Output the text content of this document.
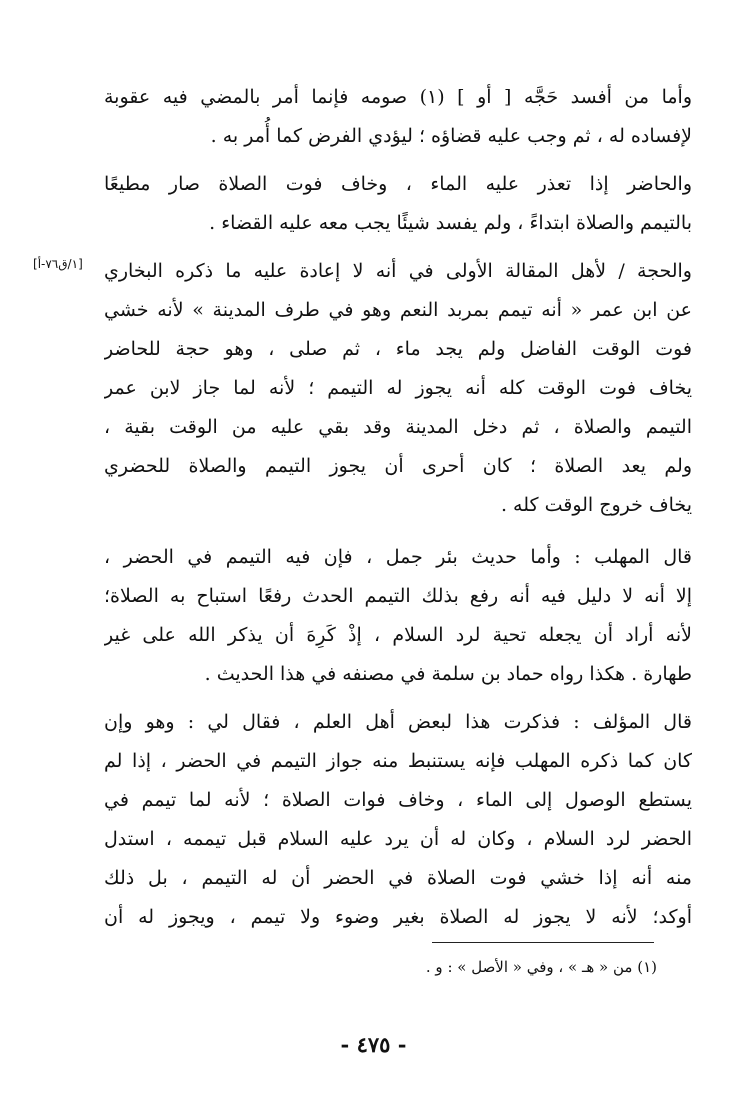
وأما من أفسد حَجَّه [ أو ] (١) صومه فإنما أمر بالمضي فيه عقوبة
لإفساده له ، ثم وجب عليه قضاؤه ؛ ليؤدي الفرض كما أُمر به .
والحاضر إذا تعذر عليه الماء ، وخاف فوت الصلاة صار مطيعًا
بالتيمم والصلاة ابتداءً ، ولم يفسد شيئًا يجب معه عليه القضاء .
والحجة / لأهل المقالة الأولى في أنه لا إعادة عليه ما ذكره البخاري
عن ابن عمر « أنه تيمم بمربد النعم وهو في طرف المدينة » لأنه خشي
فوت الوقت الفاضل ولم يجد ماء ، ثم صلى ، وهو حجة للحاضر
يخاف فوت الوقت كله أنه يجوز له التيمم ؛ لأنه لما جاز لابن عمر
التيمم والصلاة ، ثم دخل المدينة وقد بقي عليه من الوقت بقية ،
ولم يعد الصلاة ؛ كان أحرى أن يجوز التيمم والصلاة للحضري
يخاف خروج الوقت كله .
قال المهلب : وأما حديث بئر جمل ، فإن فيه التيمم في الحضر ،
إلا أنه لا دليل فيه أنه رفع بذلك التيمم الحدث رفعًا استباح به الصلاة؛
لأنه أراد أن يجعله تحية لرد السلام ، إذْ كَرِهَ أن يذكر الله على غير
طهارة . هكذا رواه حماد بن سلمة في مصنفه في هذا الحديث .
قال المؤلف : فذكرت هذا لبعض أهل العلم ، فقال لي : وهو وإن
كان كما ذكره المهلب فإنه يستنبط منه جواز التيمم في الحضر ، إذا لم
يستطع الوصول إلى الماء ، وخاف فوات الصلاة ؛ لأنه لما تيمم في
الحضر لرد السلام ، وكان له أن يرد عليه السلام قبل تيممه ، استدل
منه أنه إذا خشي فوت الصلاة في الحضر أن له التيمم ، بل ذلك
أوكد؛ لأنه لا يجوز له الصلاة بغير وضوء ولا تيمم ، ويجوز له أن
[١/ق٧٦-أ]
(١) من « هـ » ، وفي « الأصل » : و .
- ٤٧٥ -
